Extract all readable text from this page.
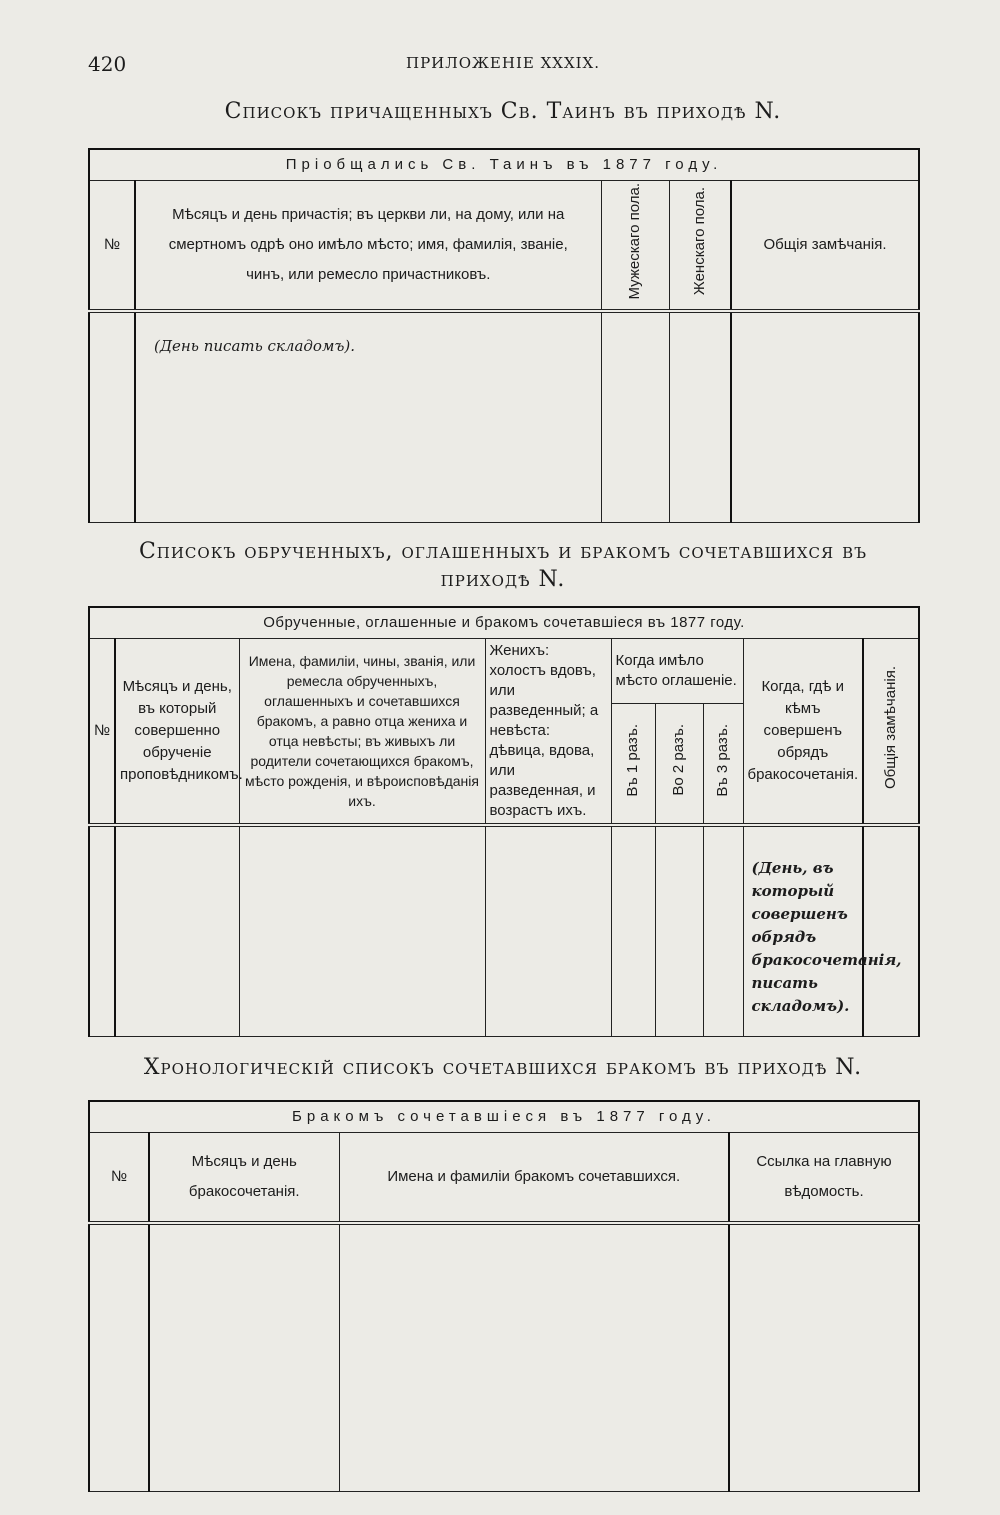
420	ПРИЛОЖЕНІЕ XXXIX.
Списокъ причащенныхъ Св. Таинъ въ приходѣ N.
Пріобщались Св. Таинъ въ 1877 году.				
№	Мѣсяцъ и день причастія; въ церкви ли, на дому, или на смертномъ одрѣ оно имѣло мѣсто; имя, фамилія, званіе, чинъ, или ремесло причастниковъ.	Мужескаго пола.	Женскаго пола.	Общія замѣчанія.
	(День писать складомъ).			
Списокъ обрученныхъ, оглашенныхъ и бракомъ сочетавшихся въ
приходѣ N.
Обрученные, оглашенные и бракомъ сочетавшіеся въ 1877 году.								
№	Мѣсяцъ и день, въ который совершенно обрученіе проповѣдникомъ.	Имена, фамиліи, чины, званія, или ремесла обрученныхъ, оглашенныхъ и сочетавшихся бракомъ, а равно отца жениха и отца невѣсты; въ живыхъ ли родители сочетающихся бракомъ, мѣсто рожденія, и вѣроисповѣданія ихъ.	Женихъ: холостъ вдовъ, или разведенный; а невѣста: дѣвица, вдова, или разведенная, и возрастъ ихъ.	Когда имѣло мѣсто оглашеніе.			Когда, гдѣ и кѣмъ совершенъ обрядъ бракосочетанія.	Общія замѣчанія.
				Въ 1 разъ.	Во 2 разъ.	Въ 3 разъ.		
							(День, въ который совершенъ обрядъ бракосочетанія, писать складомъ).	
Хронологическій списокъ сочетавшихся бракомъ въ приходѣ N.
Бракомъ сочетавшіеся въ 1877 году.			
№	Мѣсяцъ и день бракосочетанія.	Имена и фамиліи бракомъ сочетавшихся.	Ссылка на главную вѣдомость.
